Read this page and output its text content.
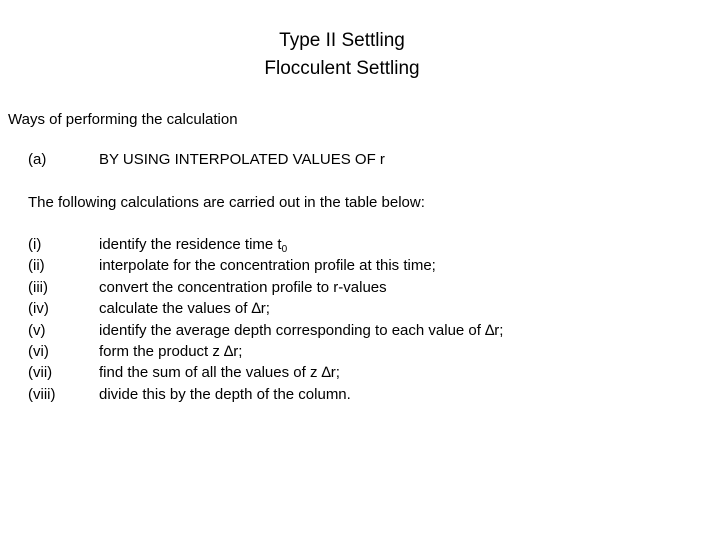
Type II Settling
Flocculent Settling
Ways of performing the calculation
(a)	BY USING INTERPOLATED VALUES OF r
The following calculations are carried out in the table below:
(i)	identify the residence time $t_0$
(ii)	interpolate for the concentration profile at this time;
(iii)	convert the concentration profile to r-values
(iv)	calculate the values of ∆r;
(v)	identify the average depth corresponding to each value of ∆r;
(vi)	form the product z ∆r;
(vii)	find the sum of all the values of z ∆r;
(viii)	divide this by the depth of the column.
